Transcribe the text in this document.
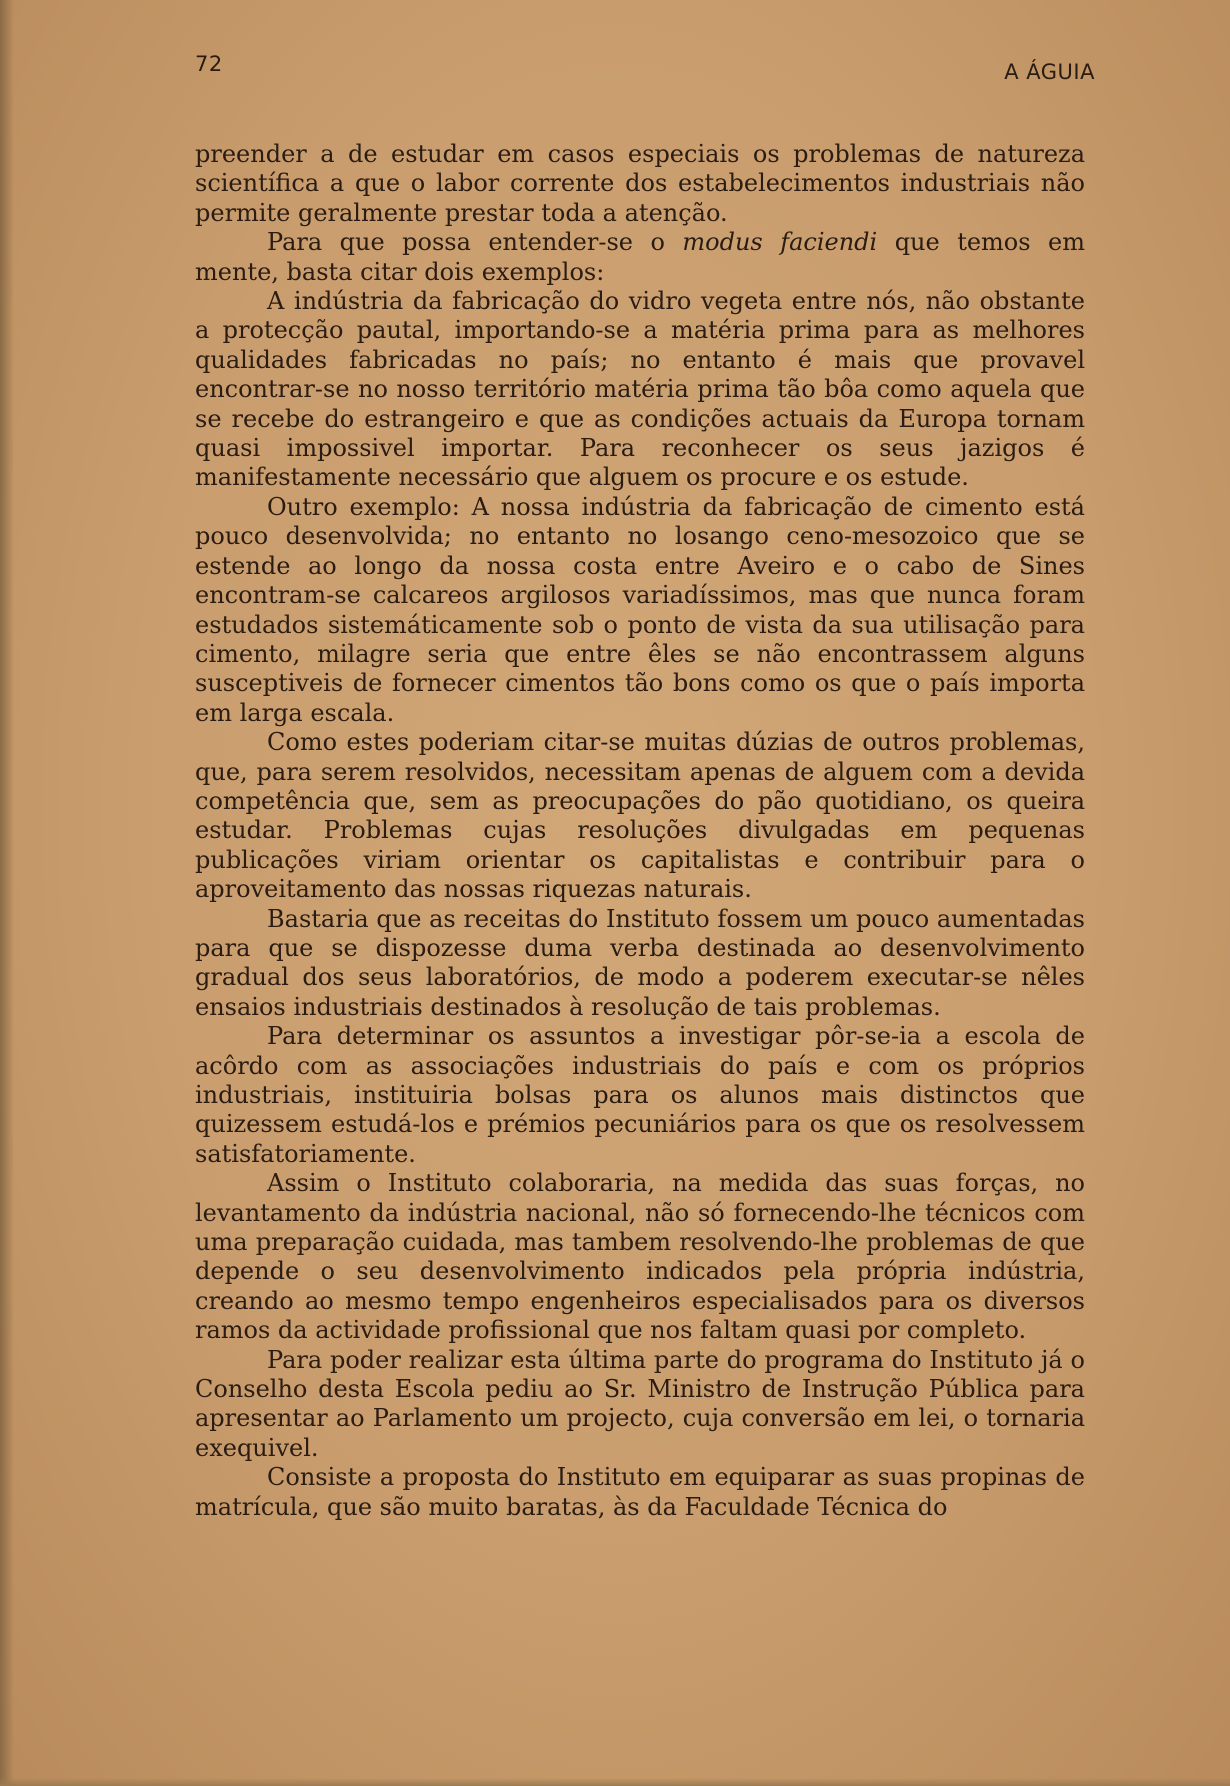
72	A ÁGUIA

preender a de estudar em casos especiais os problemas de natureza scientífica a que o labor corrente dos estabelecimentos industriais não permite geralmente prestar toda a atenção.

Para que possa entender-se o modus faciendi que temos em mente, basta citar dois exemplos:

A indústria da fabricação do vidro vegeta entre nós, não obstante a protecção pautal, importando-se a matéria prima para as melhores qualidades fabricadas no país; no entanto é mais que provavel encontrar-se no nosso território matéria prima tão bôa como aquela que se recebe do estrangeiro e que as condições actuais da Europa tornam quasi impossivel importar. Para reconhecer os seus jazigos é manifestamente necessário que alguem os procure e os estude.

Outro exemplo: A nossa indústria da fabricação de cimento está pouco desenvolvida; no entanto no losango ceno-mesozoico que se estende ao longo da nossa costa entre Aveiro e o cabo de Sines encontram-se calcareos argilosos variadíssimos, mas que nunca foram estudados sistemáticamente sob o ponto de vista da sua utilisação para cimento, milagre seria que entre êles se não encontrassem alguns susceptiveis de fornecer cimentos tão bons como os que o país importa em larga escala.

Como estes poderiam citar-se muitas dúzias de outros problemas, que, para serem resolvidos, necessitam apenas de alguem com a devida competência que, sem as preocupações do pão quotidiano, os queira estudar. Problemas cujas resoluções divulgadas em pequenas publicações viriam orientar os capitalistas e contribuir para o aproveitamento das nossas riquezas naturais.

Bastaria que as receitas do Instituto fossem um pouco aumentadas para que se dispozesse duma verba destinada ao desenvolvimento gradual dos seus laboratórios, de modo a poderem executar-se nêles ensaios industriais destinados à resolução de tais problemas.

Para determinar os assuntos a investigar pôr-se-ia a escola de acôrdo com as associações industriais do país e com os próprios industriais, instituiria bolsas para os alunos mais distinctos que quizessem estudá-los e prémios pecuniários para os que os resolvessem satisfatoriamente.

Assim o Instituto colaboraria, na medida das suas forças, no levantamento da indústria nacional, não só fornecendo-lhe técnicos com uma preparação cuidada, mas tambem resolvendo-lhe problemas de que depende o seu desenvolvimento indicados pela própria indústria, creando ao mesmo tempo engenheiros especialisados para os diversos ramos da actividade profissional que nos faltam quasi por completo.

Para poder realizar esta última parte do programa do Instituto já o Conselho desta Escola pediu ao Sr. Ministro de Instrução Pública para apresentar ao Parlamento um projecto, cuja conversão em lei, o tornaria exequivel.

Consiste a proposta do Instituto em equiparar as suas propinas de matrícula, que são muito baratas, às da Faculdade Técnica do
